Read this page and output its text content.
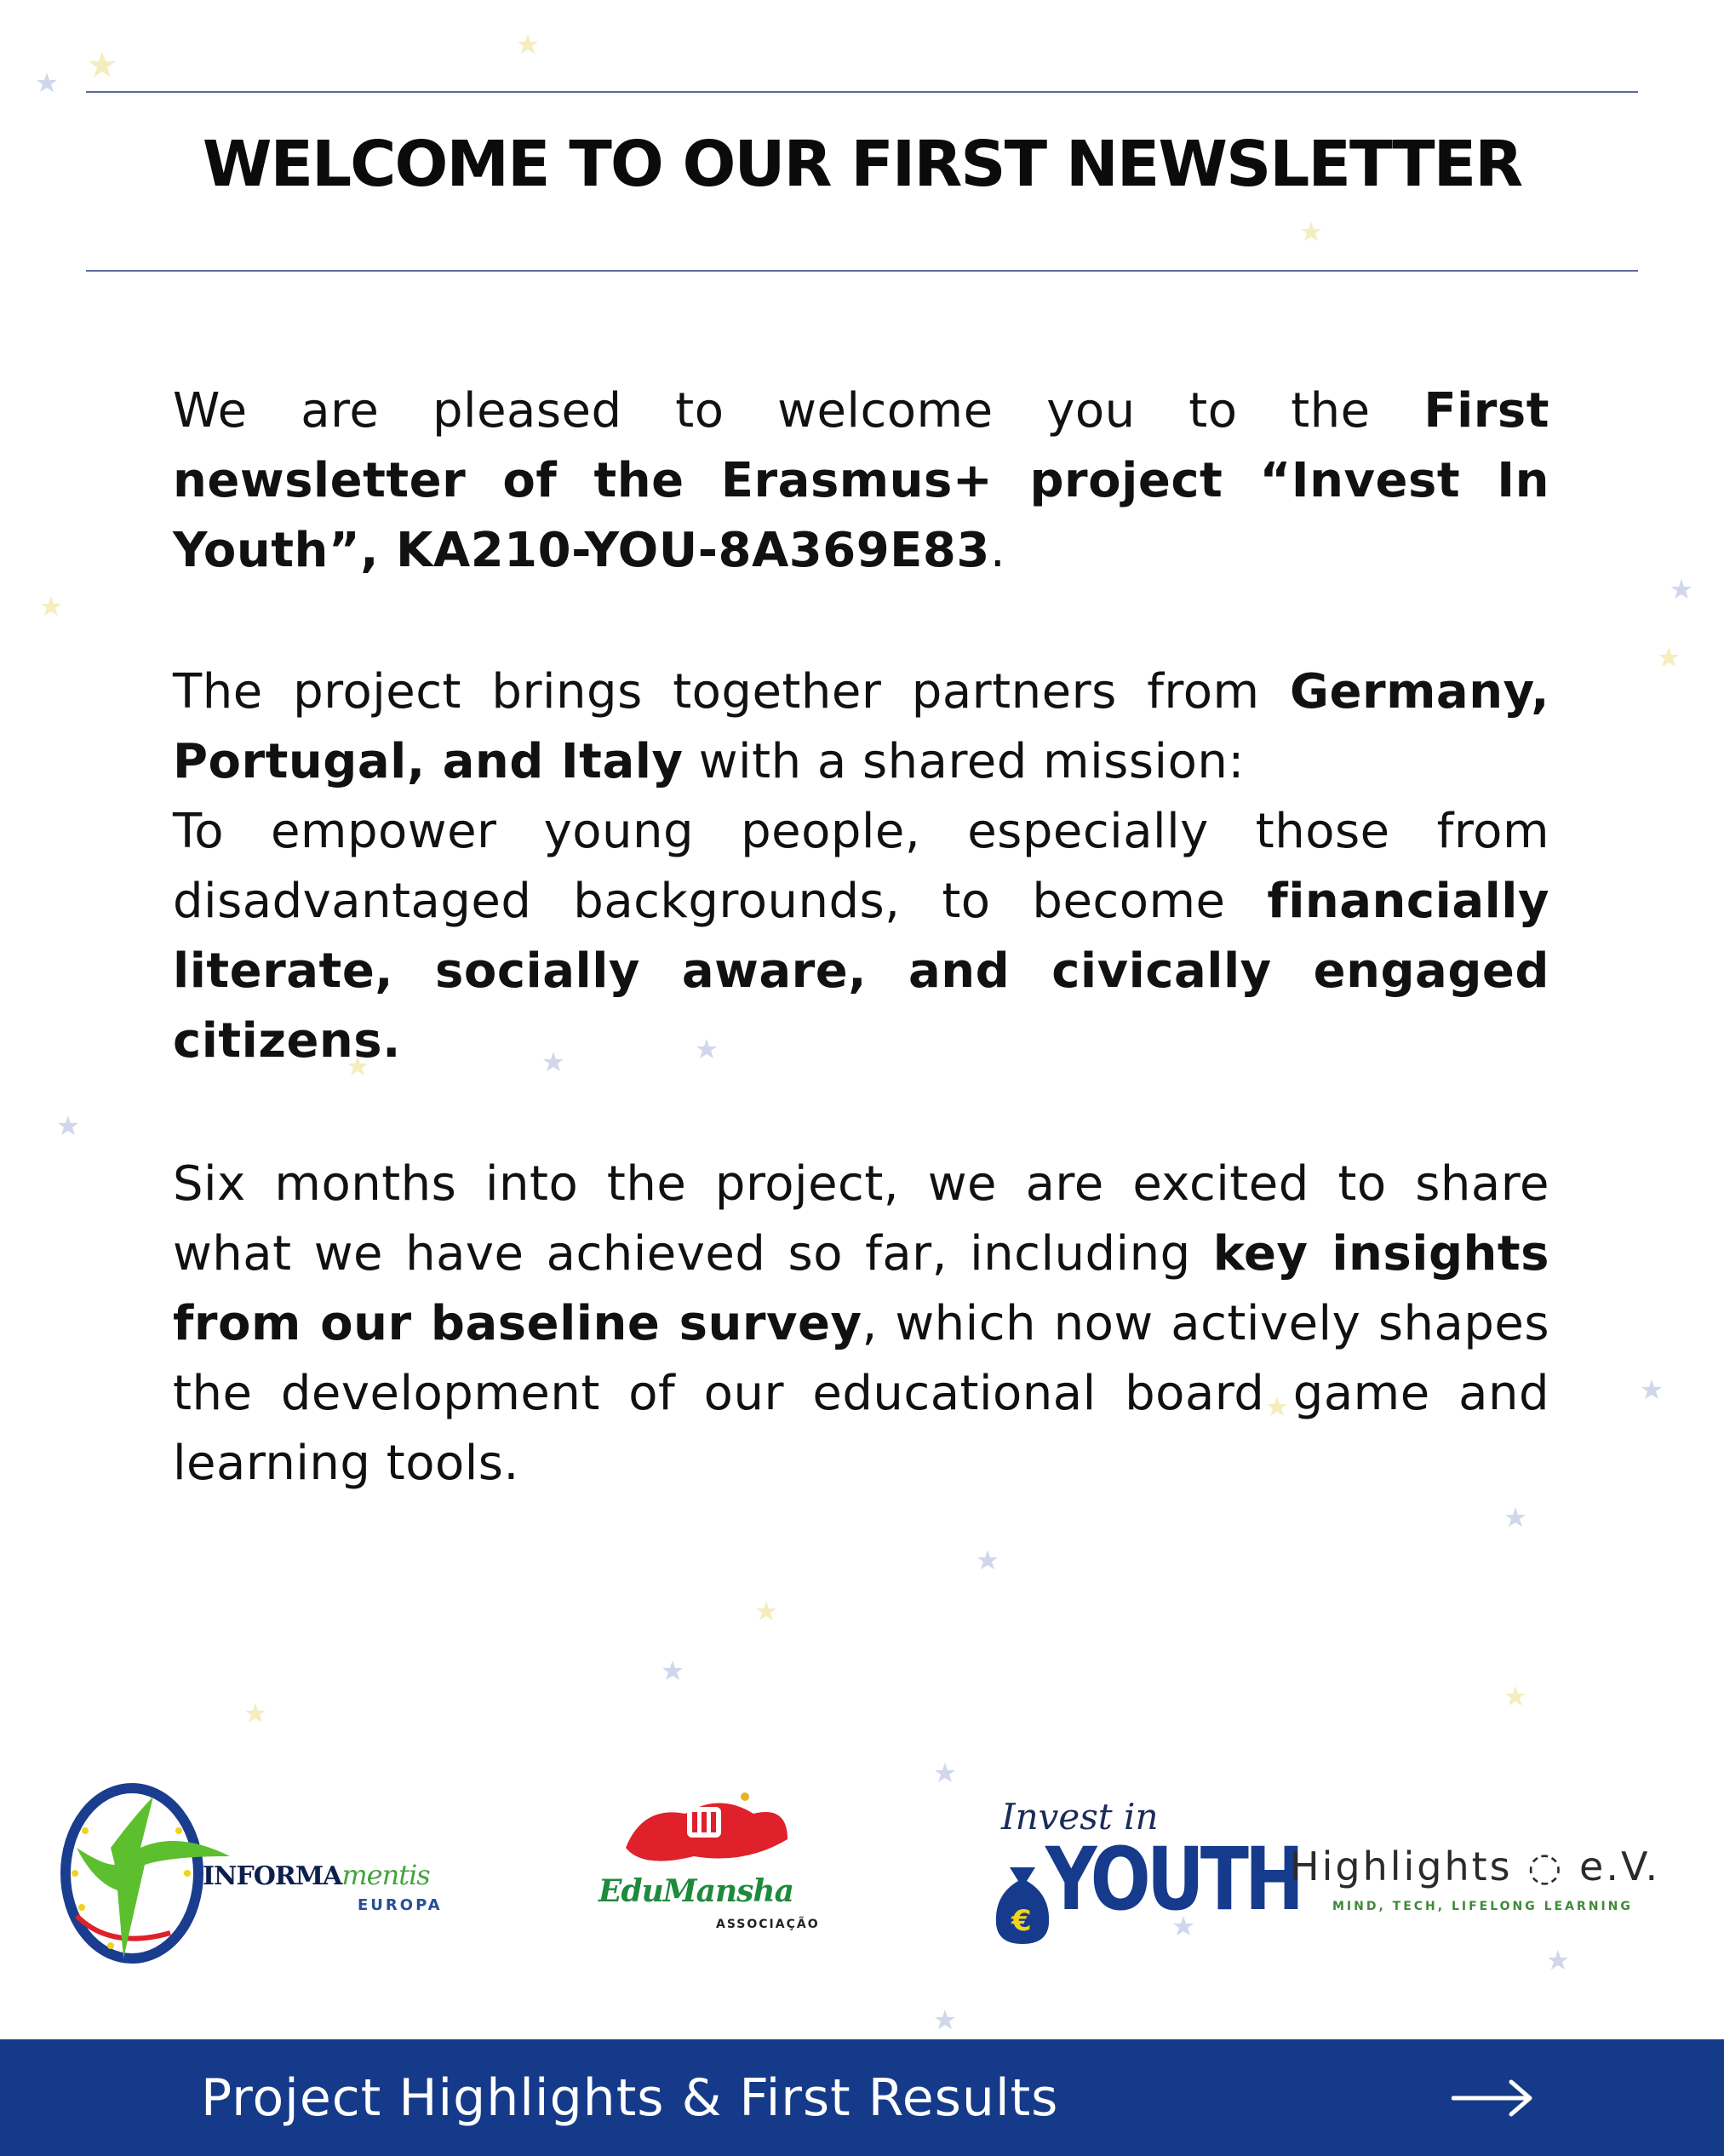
WELCOME TO OUR FIRST NEWSLETTER

We are pleased to welcome you to the First newsletter of the Erasmus+ project “Invest In Youth”, KA210-YOU-8A369E83.

The project brings together partners from Germany, Portugal, and Italy with a shared mission:
To empower young people, especially those from disadvantaged backgrounds, to become financially literate, socially aware, and civically engaged citizens.

Six months into the project, we are excited to share what we have achieved so far, including key insights from our baseline survey, which now actively shapes the development of our educational board game and learning tools.

INFORMAmentis
EUROPA	EduMansha
ASSOCIAÇÃO
Invest in
€ YOUTH
Highlights ◌ e.V.
MIND, TECH, LIFELONG LEARNING
Project Highlights & First Results
